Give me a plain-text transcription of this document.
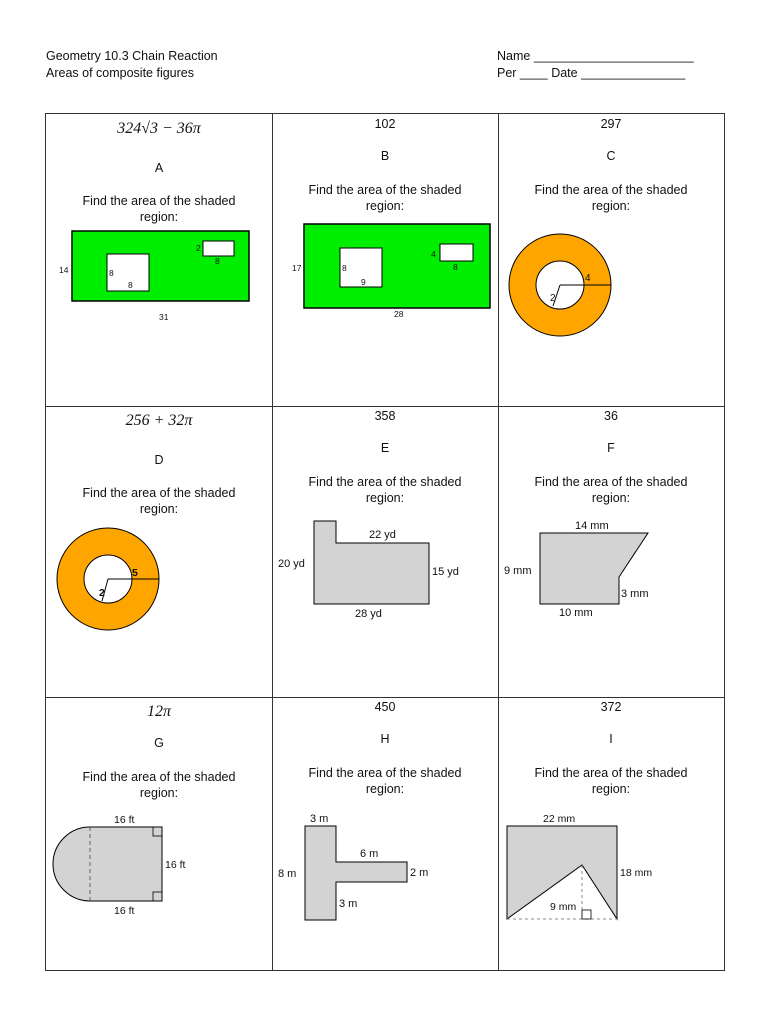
Geometry 10.3 Chain Reaction
Areas of composite figures
Name _______________________
Per ____ Date _______________
324√3 − 36π
A
Find the area of the shaded region:
14	8
8
2
8
31
102
B
Find the area of the shaded region:
17	8
9
4
8
28
297
C
Find the area of the shaded region:
4
2
256 + 32π
D
Find the area of the shaded region:
5
2
358
E
Find the area of the shaded region:
22 yd
20 yd
15 yd
28 yd
36
F
Find the area of the shaded region:
14 mm
9 mm
3 mm
10 mm
12π
G
Find the area of the shaded region:
16 ft
16 ft
16 ft
450
H
Find the area of the shaded region:
3 m
6 m
2 m
8 m
3 m
372
I
Find the area of the shaded region:
22 mm
18 mm
9 mm
